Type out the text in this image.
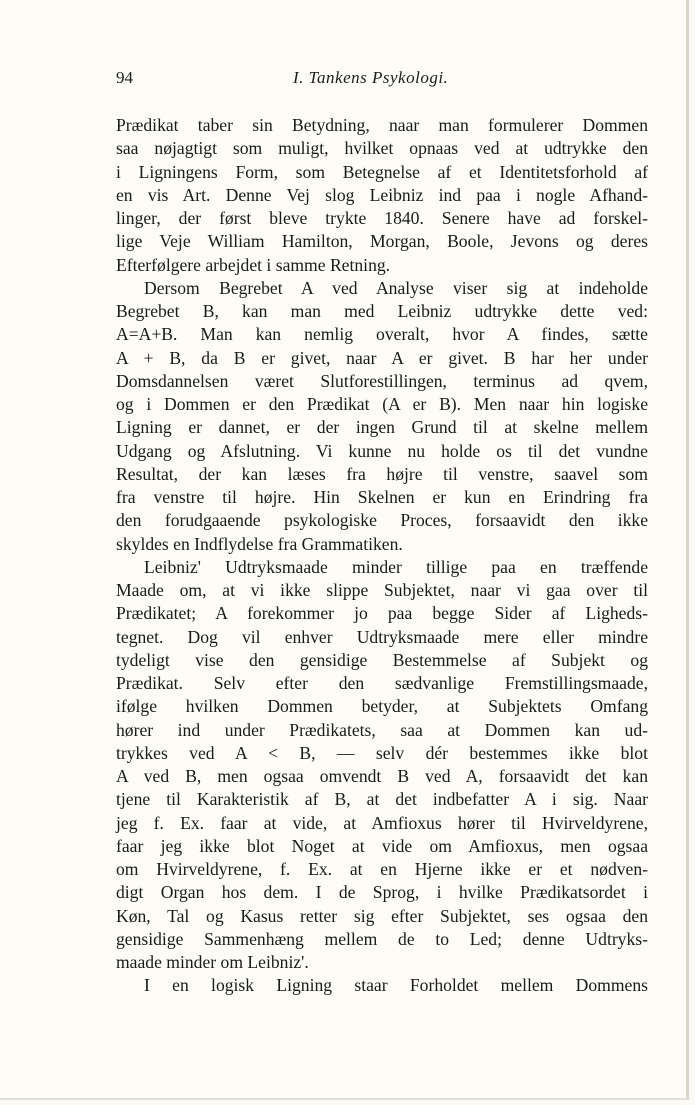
94	I. Tankens Psykologi.
Prædikat taber sin Betydning, naar man formulerer Dommen
saa nøjagtigt som muligt, hvilket opnaas ved at udtrykke den
i Ligningens Form, som Betegnelse af et Identitetsforhold af
en vis Art. Denne Vej slog Leibniz ind paa i nogle Afhand-
linger, der først bleve trykte 1840. Senere have ad forskel-
lige Veje William Hamilton, Morgan, Boole, Jevons og deres
Efterfølgere arbejdet i samme Retning.
Dersom Begrebet A ved Analyse viser sig at indeholde
Begrebet B, kan man med Leibniz udtrykke dette ved:
A=A+B. Man kan nemlig overalt, hvor A findes, sætte
A + B, da B er givet, naar A er givet. B har her under
Domsdannelsen været Slutforestillingen, terminus ad qvem,
og i Dommen er den Prædikat (A er B). Men naar hin logiske
Ligning er dannet, er der ingen Grund til at skelne mellem
Udgang og Afslutning. Vi kunne nu holde os til det vundne
Resultat, der kan læses fra højre til venstre, saavel som
fra venstre til højre. Hin Skelnen er kun en Erindring fra
den forudgaaende psykologiske Proces, forsaavidt den ikke
skyldes en Indflydelse fra Grammatiken.
Leibniz' Udtryksmaade minder tillige paa en træffende
Maade om, at vi ikke slippe Subjektet, naar vi gaa over til
Prædikatet; A forekommer jo paa begge Sider af Ligheds-
tegnet. Dog vil enhver Udtryksmaade mere eller mindre
tydeligt vise den gensidige Bestemmelse af Subjekt og
Prædikat. Selv efter den sædvanlige Fremstillingsmaade,
ifølge hvilken Dommen betyder, at Subjektets Omfang
hører ind under Prædikatets, saa at Dommen kan ud-
trykkes ved A < B, — selv dér bestemmes ikke blot
A ved B, men ogsaa omvendt B ved A, forsaavidt det kan
tjene til Karakteristik af B, at det indbefatter A i sig. Naar
jeg f. Ex. faar at vide, at Amfioxus hører til Hvirveldyrene,
faar jeg ikke blot Noget at vide om Amfioxus, men ogsaa
om Hvirveldyrene, f. Ex. at en Hjerne ikke er et nødven-
digt Organ hos dem. I de Sprog, i hvilke Prædikatsordet i
Køn, Tal og Kasus retter sig efter Subjektet, ses ogsaa den
gensidige Sammenhæng mellem de to Led; denne Udtryks-
maade minder om Leibniz'.
I en logisk Ligning staar Forholdet mellem Dommens
